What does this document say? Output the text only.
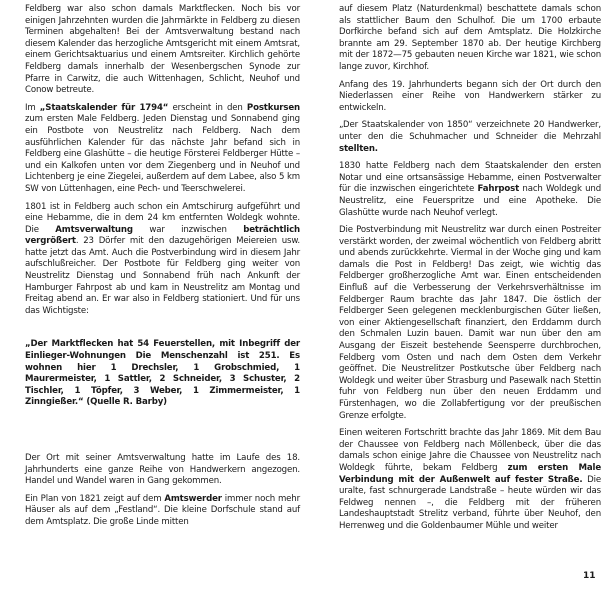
Feldberg war also schon damals Marktflecken. Noch bis vor einigen Jahrzehnten wurden die Jahrmärkte in Feldberg zu diesen Terminen abgehalten! Bei der Amtsverwaltung bestand nach diesem Kalender das herzogliche Amtsgericht mit einem Amtsrat, einem Gerichtsaktuarius und einem Amtsreiter. Kirchlich gehörte Feldberg damals innerhalb der Wesenbergschen Synode zur Pfarre in Carwitz, die auch Wittenhagen, Schlicht, Neuhof und Conow betreute.

Im „Staatskalender für 1794“ erscheint in den Postkursen zum ersten Male Feldberg. Jeden Dienstag und Sonnabend ging ein Postbote von Neustrelitz nach Feldberg. Nach dem ausführlichen Kalender für das nächste Jahr befand sich in Feldberg eine Glashütte – die heutige Försterei Feldberger Hütte – und ein Kalkofen unten vor dem Ziegenberg und in Neuhof und Lichtenberg je eine Ziegelei, außerdem auf dem Labee, also 5 km SW von Lüttenhagen, eine Pech- und Teerschwelerei.

1801 ist in Feldberg auch schon ein Amtschirurg aufgeführt und eine Hebamme, die in dem 24 km entfernten Woldegk wohnte. Die Amtsverwaltung war inzwischen beträchtlich vergrößert. 23 Dörfer mit den dazugehörigen Meiereien usw. hatte jetzt das Amt. Auch die Postverbindung wird in diesem Jahr aufschlußreicher. Der Postbote für Feldberg ging weiter von Neustrelitz Dienstag und Sonnabend früh nach Ankunft der Hamburger Fahrpost ab und kam in Neustrelitz am Montag und Freitag abend an. Er war also in Feldberg stationiert. Und für uns das Wichtigste:

„Der Marktflecken hat 54 Feuerstellen, mit Inbegriff der Einlieger-Wohnungen Die Menschenzahl ist 251. Es wohnen hier 1 Drechsler, 1 Grobschmied, 1 Maurermeister, 1 Sattler, 2 Schneider, 3 Schuster, 2 Tischler, 1 Töpfer, 3 Weber, 1 Zimmermeister, 1 Zinngießer.“ (Quelle R. Barby)

Der Ort mit seiner Amtsverwaltung hatte im Laufe des 18. Jahrhunderts eine ganze Reihe von Handwerkern angezogen. Handel und Wandel waren in Gang gekommen.

Ein Plan von 1821 zeigt auf dem Amtswerder immer noch mehr Häuser als auf dem „Festland“. Die kleine Dorfschule stand auf dem Amtsplatz. Die große Linde mitten

auf diesem Platz (Naturdenkmal) beschattete damals schon als stattlicher Baum den Schulhof. Die um 1700 erbaute Dorfkirche befand sich auf dem Amtsplatz. Die Holzkirche brannte am 29. September 1870 ab. Der heutige Kirchberg mit der 1872—75 gebauten neuen Kirche war 1821, wie schon lange zuvor, Kirchhof.

Anfang des 19. Jahrhunderts begann sich der Ort durch den Niederlassen einer Reihe von Handwerkern stärker zu entwickeln.

„Der Staatskalender von 1850“ verzeichnete 20 Handwerker, unter den die Schuhmacher und Schneider die Mehrzahl stellten.

1830 hatte Feldberg nach dem Staatskalender den ersten Notar und eine ortsansässige Hebamme, einen Postverwalter für die inzwischen eingerichtete Fahrpost nach Woldegk und Neustrelitz, eine Feuerspritze und eine Apotheke. Die Glashütte wurde nach Neuhof verlegt.

Die Postverbindung mit Neustrelitz war durch einen Postreiter verstärkt worden, der zweimal wöchentlich von Feldberg abritt und abends zurückkehrte. Viermal in der Woche ging und kam damals die Post in Feldberg! Das zeigt, wie wichtig das Feldberger großherzogliche Amt war. Einen entscheidenden Einfluß auf die Verbesserung der Verkehrsverhältnisse im Feldberger Raum brachte das Jahr 1847. Die östlich der Feldberger Seen gelegenen mecklenburgischen Güter ließen, von einer Aktiengesellschaft finanziert, den Erddamm durch den Schmalen Luzin bauen. Damit war nun über den am Ausgang der Eiszeit bestehende Seensperre durchbrochen, Feldberg vom Osten und nach dem Osten dem Verkehr geöffnet. Die Neustrelitzer Postkutsche über Feldberg nach Woldegk und weiter über Strasburg und Pasewalk nach Stettin fuhr von Feldberg nun über den neuen Erddamm und Fürstenhagen, wo die Zollabfertigung vor der preußischen Grenze erfolgte.

Einen weiteren Fortschritt brachte das Jahr 1869. Mit dem Bau der Chaussee von Feldberg nach Möllenbeck, über die das damals schon einige Jahre die Chaussee von Neustrelitz nach Woldegk führte, bekam Feldberg zum ersten Male Verbindung mit der Außenwelt auf fester Straße. Die uralte, fast schnurgerade Landstraße – heute würden wir das Feldweg nennen –, die Feldberg mit der früheren Landeshauptstadt Strelitz verband, führte über Neuhof, den Herrenweg und die Goldenbaumer Mühle und weiter

11
